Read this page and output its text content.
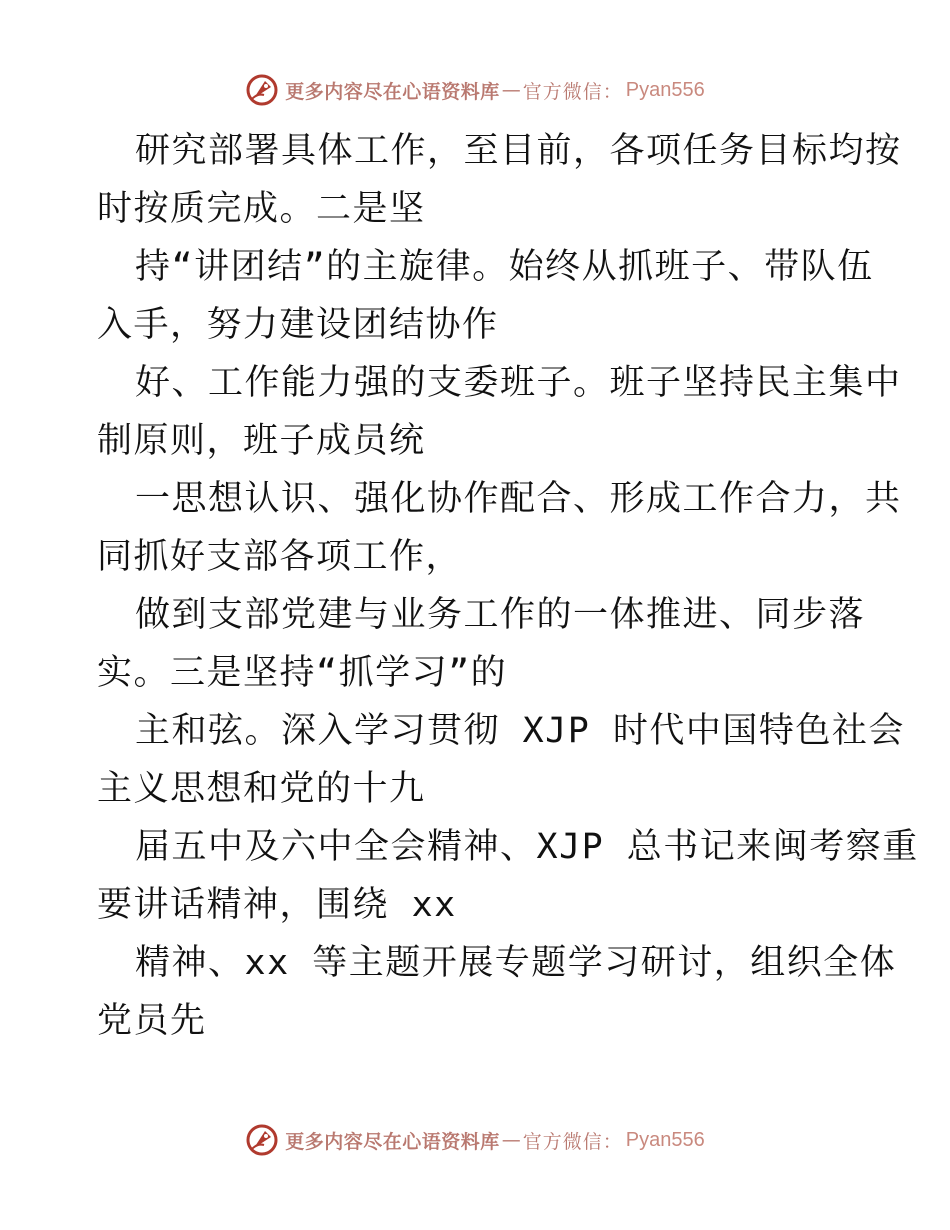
更多内容尽在心语资料库 — 官方微信 ： Pyan556
研究部署具体工作，至目前，各项任务目标均按
时按质完成。二是坚
持“讲团结”的主旋律。始终从抓班子、带队伍
入手，努力建设团结协作
好、工作能力强的支委班子。班子坚持民主集中
制原则，班子成员统
一思想认识、强化协作配合、形成工作合力，共
同抓好支部各项工作，
做到支部党建与业务工作的一体推进、同步落
实。三是坚持“抓学习”的
主和弦。深入学习贯彻 XJP 时代中国特色社会
主义思想和党的十九
届五中及六中全会精神、XJP 总书记来闽考察重
要讲话精神，围绕 xx
精神、xx 等主题开展专题学习研讨，组织全体
党员先
更多内容尽在心语资料库 — 官方微信 ： Pyan556
